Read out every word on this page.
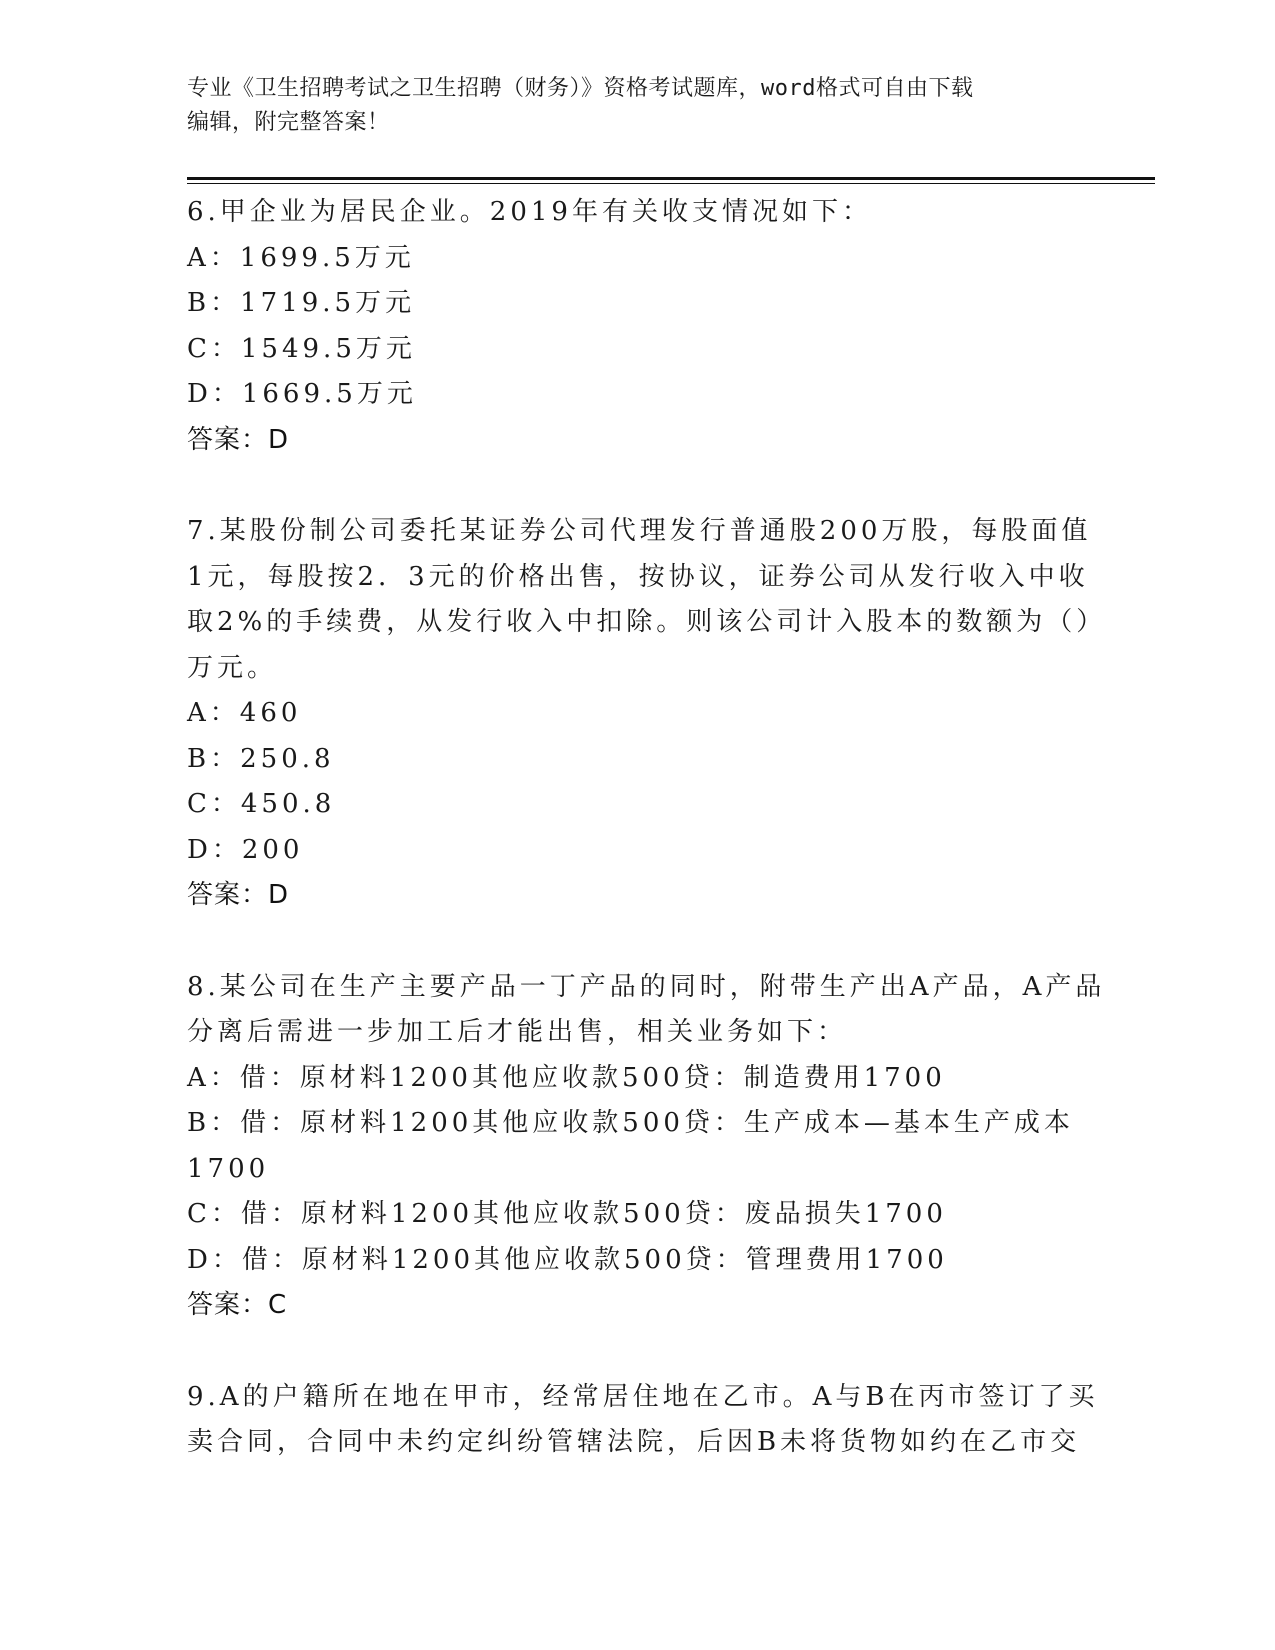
专业《卫生招聘考试之卫生招聘（财务）》资格考试题库，word格式可自由下载
编辑，附完整答案！
6.甲企业为居民企业。2019年有关收支情况如下：
A：1699.5万元
B：1719.5万元
C：1549.5万元
D：1669.5万元
答案：D
7.某股份制公司委托某证券公司代理发行普通股200万股，每股面值
1元，每股按2．3元的价格出售，按协议，证券公司从发行收入中收
取2%的手续费，从发行收入中扣除。则该公司计入股本的数额为（）
万元。
A：460
B：250.8
C：450.8
D：200
答案：D
8.某公司在生产主要产品一丁产品的同时，附带生产出A产品，A产品
分离后需进一步加工后才能出售，相关业务如下：
A：借：原材料1200其他应收款500贷：制造费用1700
B：借：原材料1200其他应收款500贷：生产成本—基本生产成本
1700
C：借：原材料1200其他应收款500贷：废品损失1700
D：借：原材料1200其他应收款500贷：管理费用1700
答案：C
9.A的户籍所在地在甲市，经常居住地在乙市。A与B在丙市签订了买
卖合同，合同中未约定纠纷管辖法院，后因B未将货物如约在乙市交
